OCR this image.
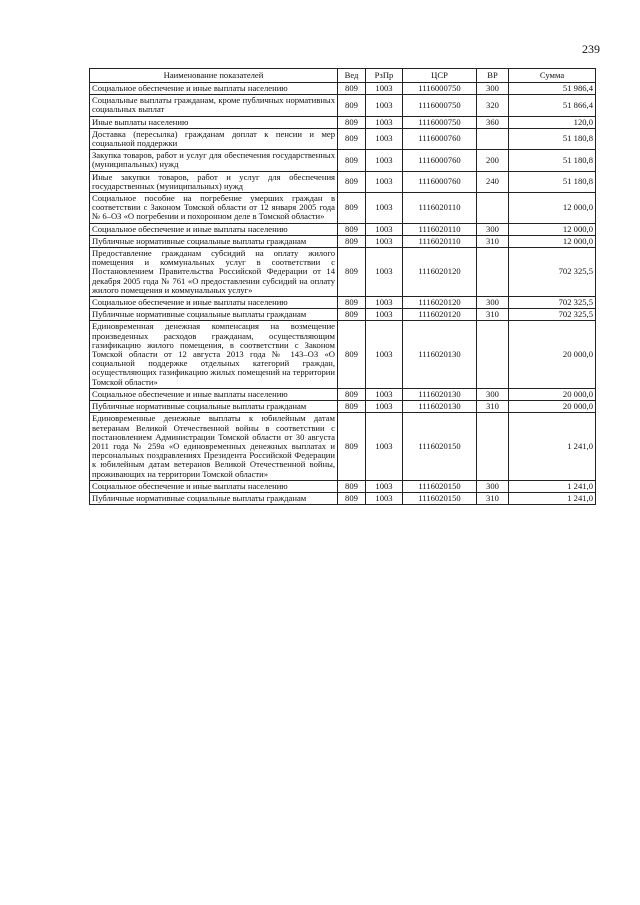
239
Наименование показателей	Вед	РзПр	ЦСР	ВР	Сумма
Социальное обеспечение и иные выплаты населению	809	1003	1116000750	300	51 986,4
Социальные выплаты гражданам, кроме публичных нормативных социальных выплат	809	1003	1116000750	320	51 866,4
Иные выплаты населению	809	1003	1116000750	360	120,0
Доставка (пересылка) гражданам доплат к пенсии и мер социальной поддержки	809	1003	1116000760		51 180,8
Закупка товаров, работ и услуг для обеспечения государственных (муниципальных) нужд	809	1003	1116000760	200	51 180,8
Иные закупки товаров, работ и услуг для обеспечения государственных (муниципальных) нужд	809	1003	1116000760	240	51 180,8
Социальное пособие на погребение умерших граждан в соответствии с Законом Томской области от 12 января 2005 года № 6–ОЗ «О погребении и похоронном деле в Томской области»	809	1003	1116020110		12 000,0
Социальное обеспечение и иные выплаты населению	809	1003	1116020110	300	12 000,0
Публичные нормативные социальные выплаты гражданам	809	1003	1116020110	310	12 000,0
Предоставление гражданам субсидий на оплату жилого помещения и коммунальных услуг в соответствии с Постановлением Правительства Российской Федерации от 14 декабря 2005 года № 761 «О предоставлении субсидий на оплату жилого помещения и коммунальных услуг»	809	1003	1116020120		702 325,5
Социальное обеспечение и иные выплаты населению	809	1003	1116020120	300	702 325,5
Публичные нормативные социальные выплаты гражданам	809	1003	1116020120	310	702 325,5
Единовременная денежная компенсация на возмещение произведенных расходов гражданам, осуществляющим газификацию жилого помещения, в соответствии с Законом Томской области от 12 августа 2013 года № 143–ОЗ «О социальной поддержке отдельных категорий граждан, осуществляющих газификацию жилых помещений на территории Томской области»	809	1003	1116020130		20 000,0
Социальное обеспечение и иные выплаты населению	809	1003	1116020130	300	20 000,0
Публичные нормативные социальные выплаты гражданам	809	1003	1116020130	310	20 000,0
Единовременные денежные выплаты к юбилейным датам ветеранам Великой Отечественной войны в соответствии с постановлением Администрации Томской области от 30 августа 2011 года № 259а «О единовременных денежных выплатах и персональных поздравлениях Президента Российской Федерации к юбилейным датам ветеранов Великой Отечественной войны, проживающих на территории Томской области»	809	1003	1116020150		1 241,0
Социальное обеспечение и иные выплаты населению	809	1003	1116020150	300	1 241,0
Публичные нормативные социальные выплаты гражданам	809	1003	1116020150	310	1 241,0
